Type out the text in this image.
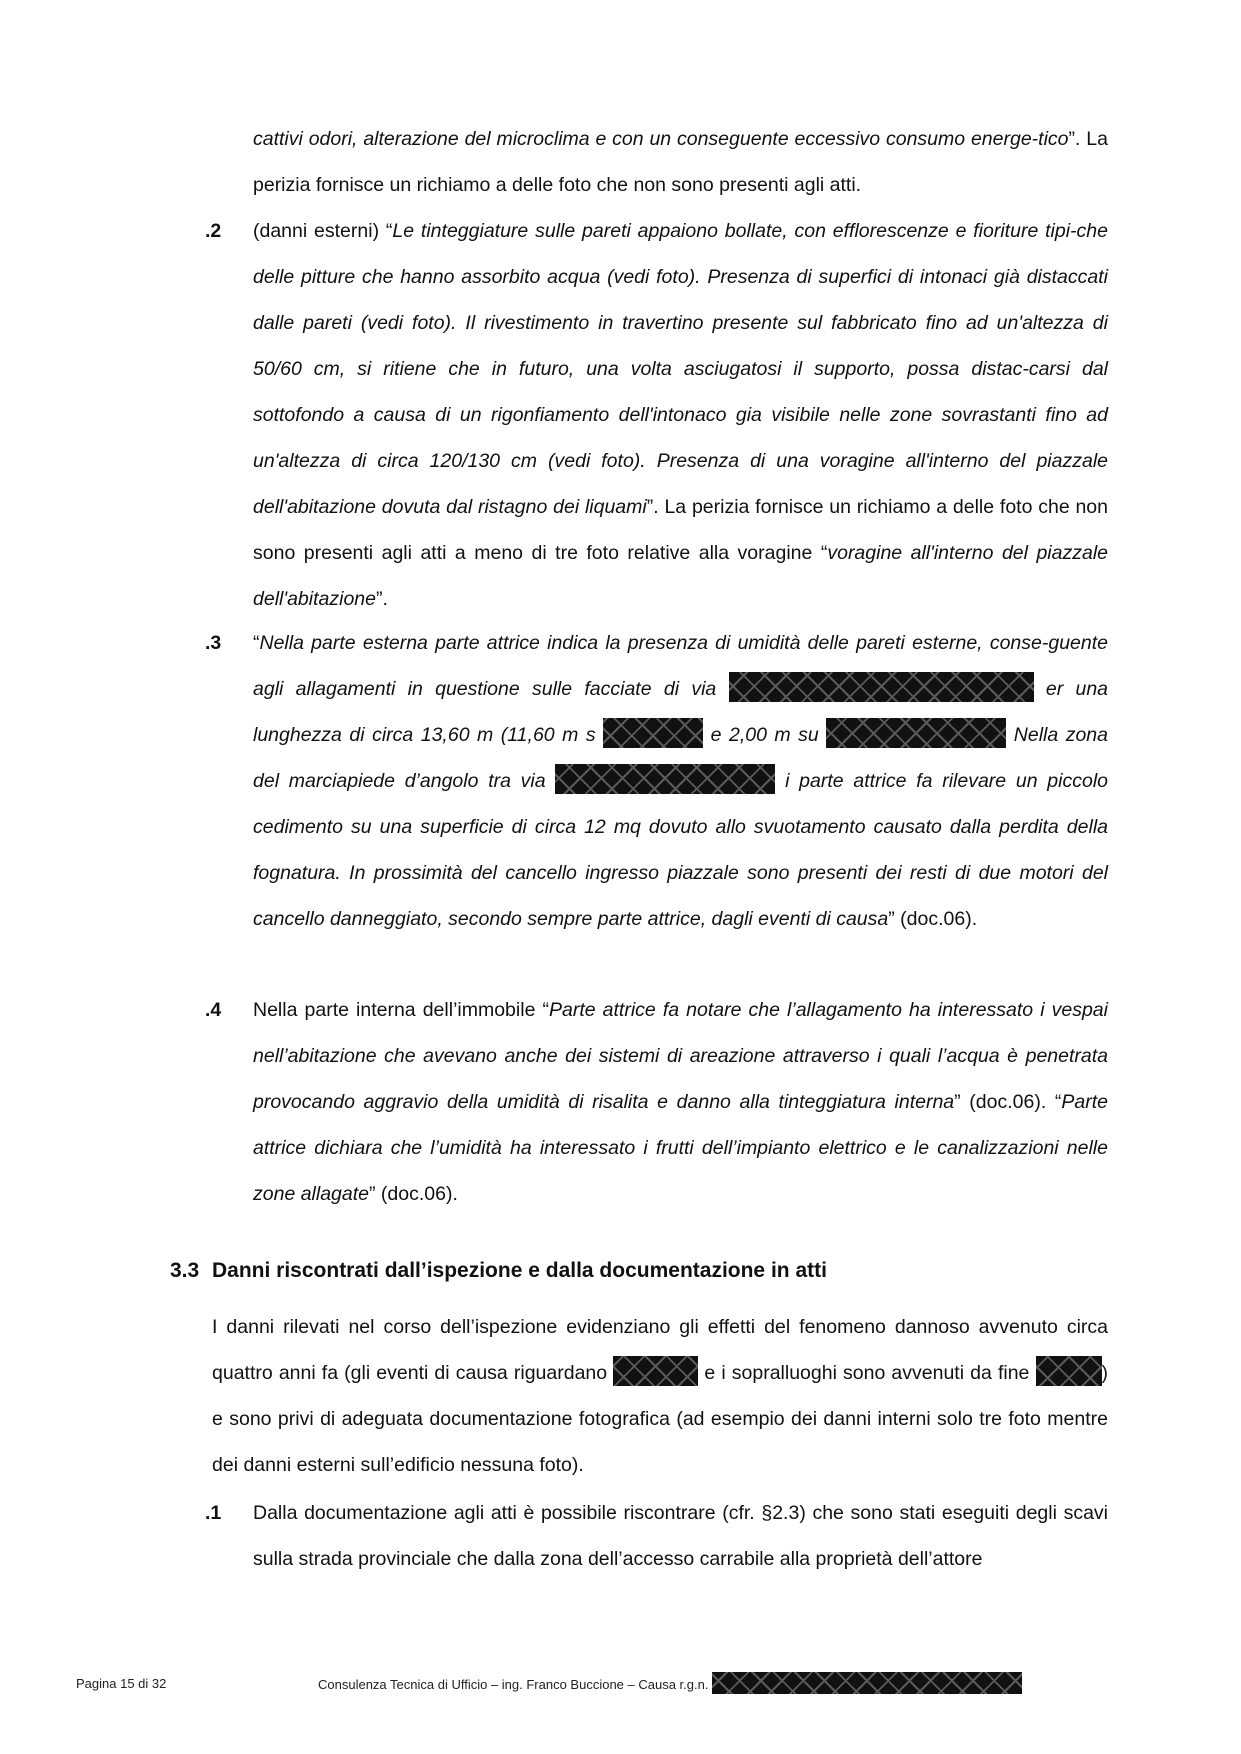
cattivi odori, alterazione del microclima e con un conseguente eccessivo consumo energe-tico”. La perizia fornisce un richiamo a delle foto che non sono presenti agli atti.

.2 (danni esterni) “Le tinteggiature sulle pareti appaiono bollate, con efflorescenze e fioriture tipi-che delle pitture che hanno assorbito acqua (vedi foto). Presenza di superfici di intonaci già distaccati dalle pareti (vedi foto). Il rivestimento in travertino presente sul fabbricato fino ad un'altezza di 50/60 cm, si ritiene che in futuro, una volta asciugatosi il supporto, possa distac-carsi dal sottofondo a causa di un rigonfiamento dell'intonaco gia visibile nelle zone sovrastanti fino ad un'altezza di circa 120/130 cm (vedi foto). Presenza di una voragine all'interno del piazzale dell'abitazione dovuta dal ristagno dei liquami”. La perizia fornisce un richiamo a delle foto che non sono presenti agli atti a meno di tre foto relative alla voragine “voragine all'interno del piazzale dell'abitazione”.

.3 “Nella parte esterna parte attrice indica la presenza di umidità delle pareti esterne, conse-guente agli allagamenti in questione sulle facciate di via	er una lunghezza di circa 13,60 m (11,60 m s	e 2,00 m su	Nella zona del marciapiede d’angolo tra via	i parte attrice fa rilevare un piccolo cedimento su una superficie di circa 12 mq dovuto allo svuotamento causato dalla perdita della fognatura. In prossimità del cancello ingresso piazzale sono presenti dei resti di due motori del cancello danneggiato, secondo sempre parte attrice, dagli eventi di causa” (doc.06).

.4 Nella parte interna dell’immobile “Parte attrice fa notare che l’allagamento ha interessato i vespai nell’abitazione che avevano anche dei sistemi di areazione attraverso i quali l’acqua è penetrata provocando aggravio della umidità di risalita e danno alla tinteggiatura interna” (doc.06). “Parte attrice dichiara che l’umidità ha interessato i frutti dell’impianto elettrico e le canalizzazioni nelle zone allagate” (doc.06).

3.3 Danni riscontrati dall’ispezione e dalla documentazione in atti

I danni rilevati nel corso dell’ispezione evidenziano gli effetti del fenomeno dannoso avvenuto circa quattro anni fa (gli eventi di causa riguardano	e i sopralluoghi sono avvenuti da fine	) e sono privi di adeguata documentazione fotografica (ad esempio dei danni interni solo tre foto mentre dei danni esterni sull’edificio nessuna foto).

.1 Dalla documentazione agli atti è possibile riscontrare (cfr. §2.3) che sono stati eseguiti degli scavi sulla strada provinciale che dalla zona dell’accesso carrabile alla proprietà dell’attore

Pagina 15 di 32	Consulenza Tecnica di Ufficio – ing. Franco Buccione – Causa r.g.n.
